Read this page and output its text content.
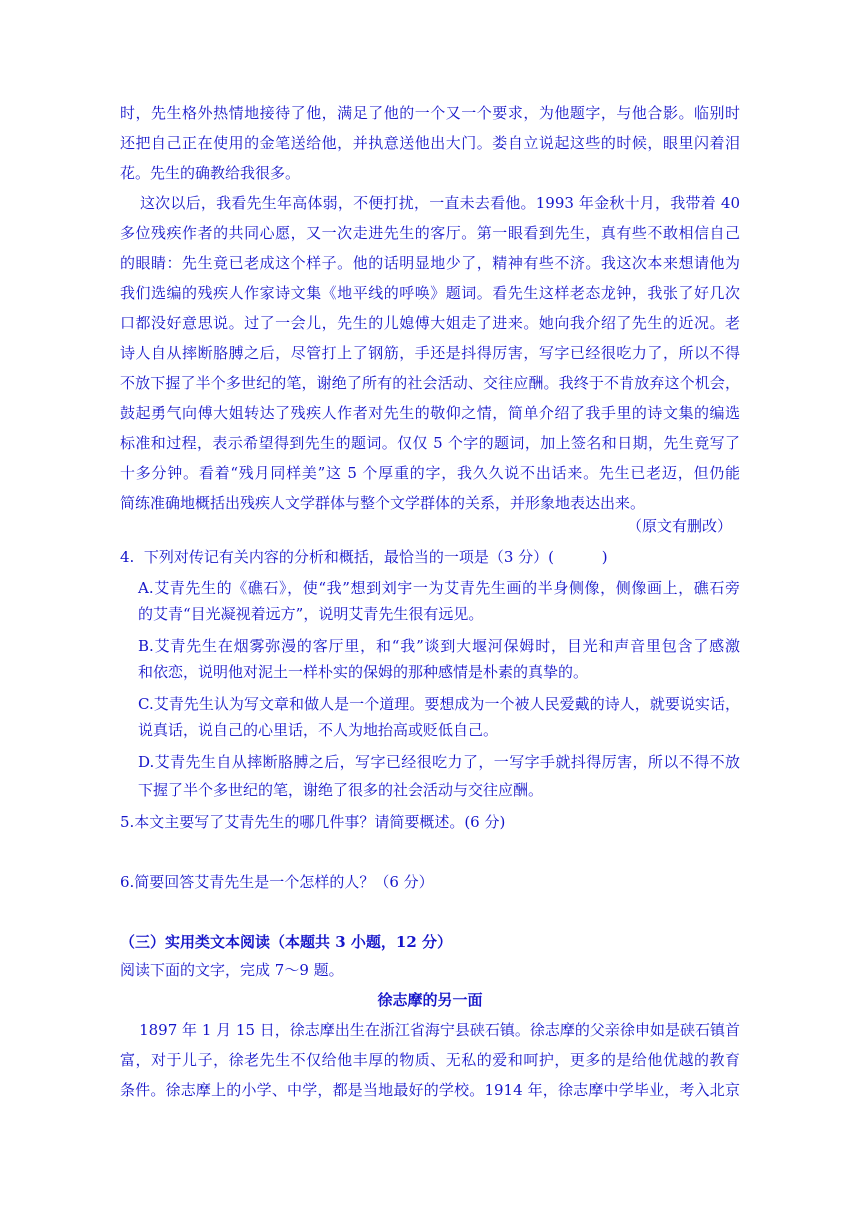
时，先生格外热情地接待了他，满足了他的一个又一个要求，为他题字，与他合影。临别时
还把自己正在使用的金笔送给他，并执意送他出大门。娄自立说起这些的时候，眼里闪着泪
花。先生的确教给我很多。
这次以后，我看先生年高体弱，不便打扰，一直未去看他。1993 年金秋十月，我带着 40
多位残疾作者的共同心愿，又一次走进先生的客厅。第一眼看到先生，真有些不敢相信自己
的眼睛：先生竟已老成这个样子。他的话明显地少了，精神有些不济。我这次本来想请他为
我们选编的残疾人作家诗文集《地平线的呼唤》题词。看先生这样老态龙钟，我张了好几次
口都没好意思说。过了一会儿，先生的儿媳傅大姐走了进来。她向我介绍了先生的近况。老
诗人自从摔断胳膊之后，尽管打上了钢筋，手还是抖得厉害，写字已经很吃力了，所以不得
不放下握了半个多世纪的笔，谢绝了所有的社会活动、交往应酬。我终于不肯放弃这个机会，
鼓起勇气向傅大姐转达了残疾人作者对先生的敬仰之情，简单介绍了我手里的诗文集的编选
标准和过程，表示希望得到先生的题词。仅仅 5 个字的题词，加上签名和日期，先生竟写了
十多分钟。看着“残月同样美”这 5 个厚重的字，我久久说不出话来。先生已老迈，但仍能
简练准确地概括出残疾人文学群体与整个文学群体的关系，并形象地表达出来。
（原文有删改）
4.  下列对传记有关内容的分析和概括，最恰当的一项是（3 分）(          )
A.艾青先生的《礁石》，使“我”想到刘宇一为艾青先生画的半身侧像，侧像画上，礁石旁
的艾青“目光凝视着远方”，说明艾青先生很有远见。
B.艾青先生在烟雾弥漫的客厅里，和“我”谈到大堰河保姆时，目光和声音里包含了感激
和依恋，说明他对泥土一样朴实的保姆的那种感情是朴素的真挚的。
C.艾青先生认为写文章和做人是一个道理。要想成为一个被人民爱戴的诗人，就要说实话，
说真话，说自己的心里话，不人为地抬高或贬低自己。
D.艾青先生自从摔断胳膊之后，写字已经很吃力了，一写字手就抖得厉害，所以不得不放
下握了半个多世纪的笔，谢绝了很多的社会活动与交往应酬。
5.本文主要写了艾青先生的哪几件事？请简要概述。(6 分)
6.简要回答艾青先生是一个怎样的人？（6 分）
（三）实用类文本阅读（本题共 3 小题，12 分）
阅读下面的文字，完成 7～9 题。
徐志摩的另一面
1897 年 1 月 15 日，徐志摩出生在浙江省海宁县硖石镇。徐志摩的父亲徐申如是硖石镇首
富，对于儿子，徐老先生不仅给他丰厚的物质、无私的爱和呵护，更多的是给他优越的教育
条件。徐志摩上的小学、中学，都是当地最好的学校。1914 年，徐志摩中学毕业，考入北京
